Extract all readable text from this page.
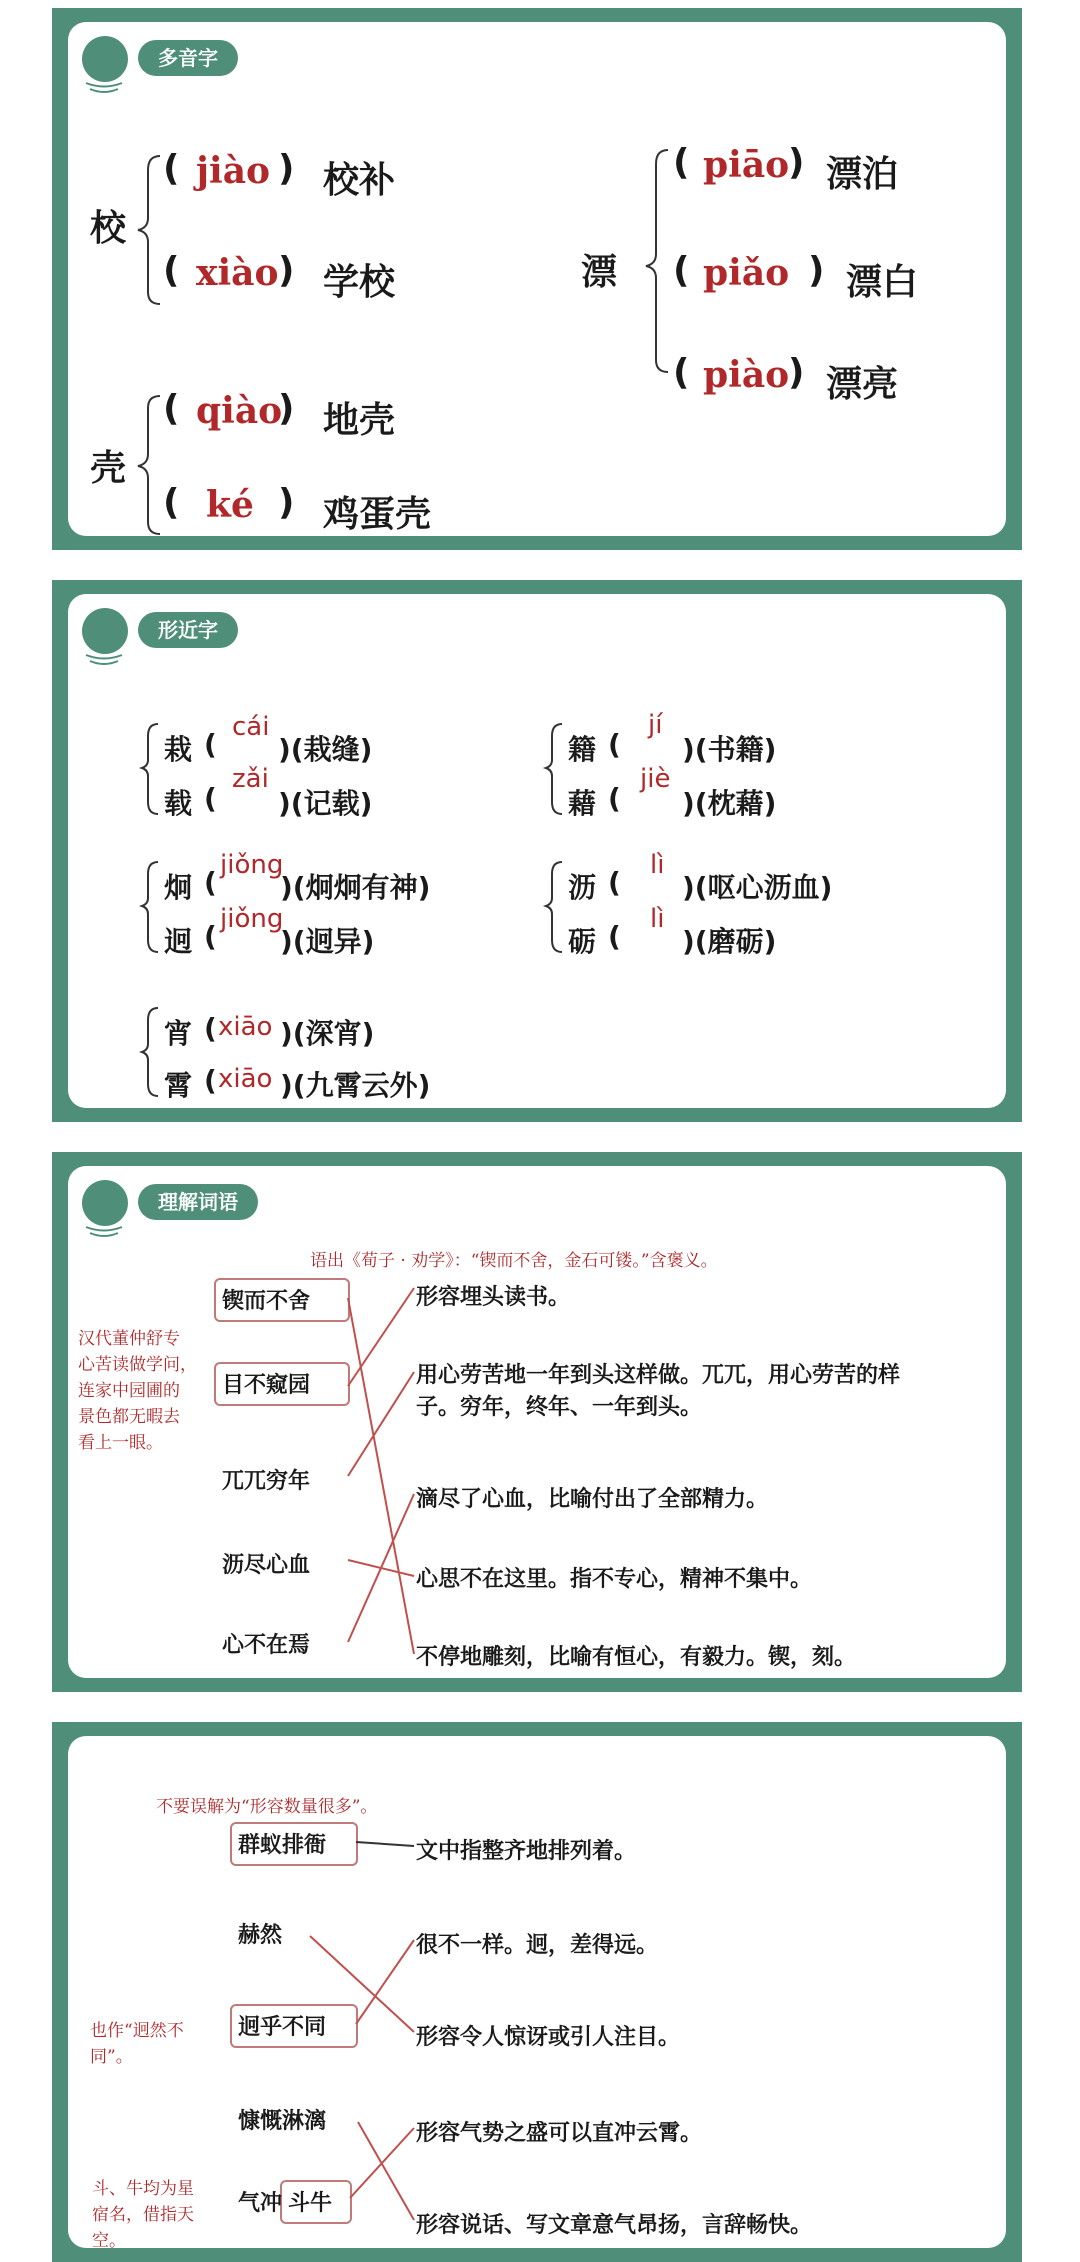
多音字
校
( jiào ) 校补
( xiào ) 学校
壳
( qiào
) 地壳
( ké ) 鸡蛋壳
漂
( piāo
) 漂泊
( piǎo ) 漂白
( piào
) 漂亮
形近字
栽 (
cái
)(栽缝)
载 (
zǎi
)(记载)
籍 (
jí
)(书籍)
藉 (
jiè
)(枕藉)
炯 (
jiǒng
)(炯炯有神)
迥 (
jiǒng
)(迥异)
沥 (
lì
)(呕心沥血)
砺 (
lì
)(磨砺)
宵 ( xiāo )(深宵)
霄 ( xiāo )(九霄云外)
理解词语
语出《荀子 · 劝学》：“锲而不舍，金石可镂。”含褒义。
汉代董仲舒专
心苦读做学问，
连家中园圃的
景色都无暇去
看上一眼。
锲而不舍
目不窥园
兀兀穷年
沥尽心血
心不在焉
形容埋头读书。
用心劳苦地一年到头这样做。兀兀，用心劳苦的样
子。穷年，终年、一年到头。
滴尽了心血，比喻付出了全部精力。
心思不在这里。指不专心，精神不集中。
不停地雕刻，比喻有恒心，有毅力。锲，刻。
不要误解为“形容数量很多”。
也作“迥然不
同”。
斗、牛均为星
宿名，借指天
空。
群蚁排衙
赫然
迥乎不同
慷慨淋漓
气冲 斗牛
文中指整齐地排列着。
很不一样。迥，差得远。
形容令人惊讶或引人注目。
形容气势之盛可以直冲云霄。
形容说话、写文章意气昂扬，言辞畅快。
